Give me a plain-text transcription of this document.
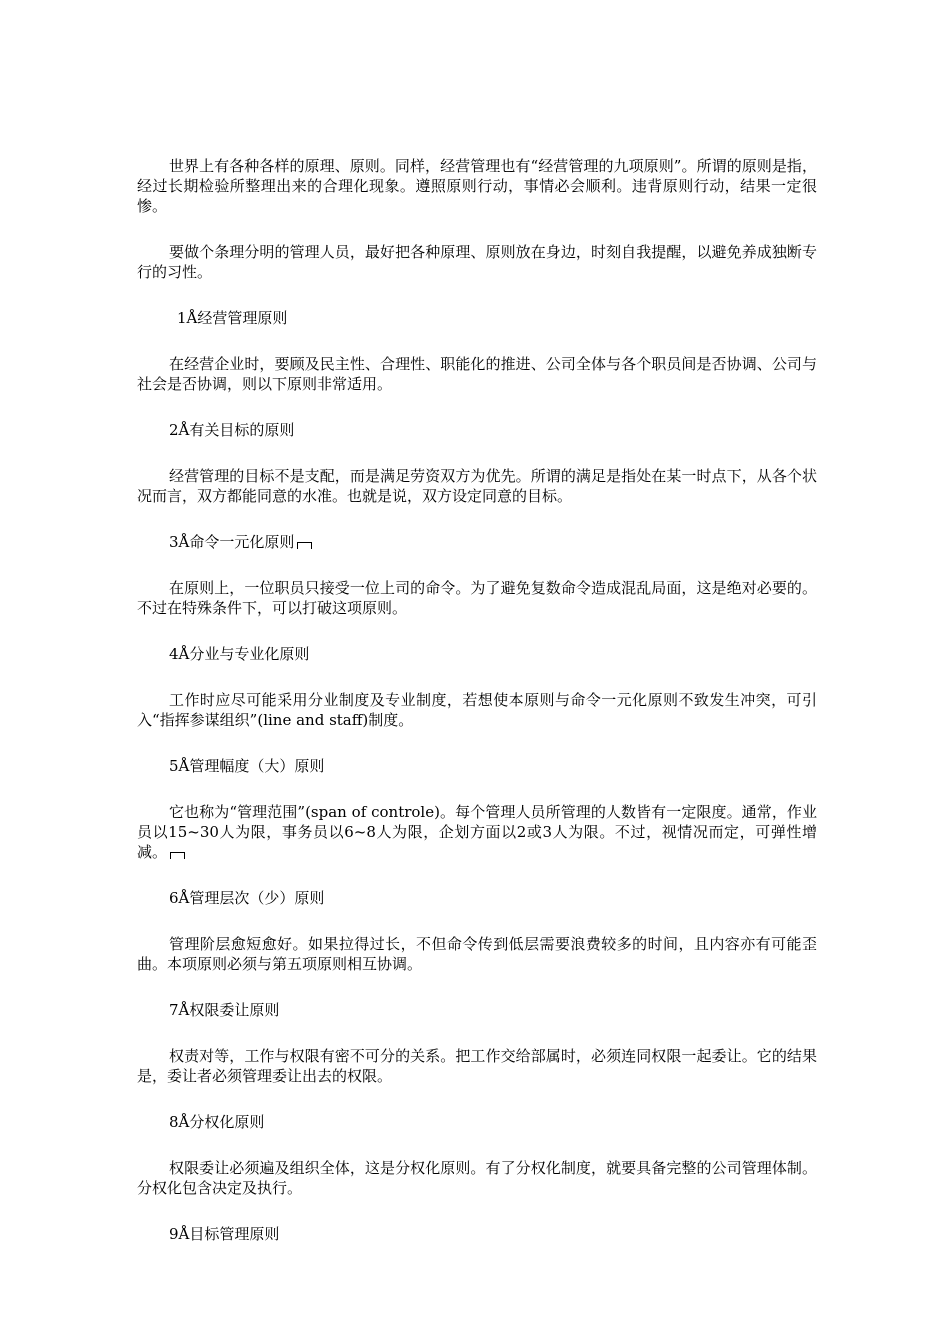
世界上有各种各样的原理、原则。同样，经营管理也有“经营管理的九项原则”。所谓的原则是指，经过长期检验所整理出来的合理化现象。遵照原则行动，事情必会顺利。违背原则行动，结果一定很惨。

要做个条理分明的管理人员，最好把各种原理、原则放在身边，时刻自我提醒，以避免养成独断专行的习性。

1Å经营管理原则

在经营企业时，要顾及民主性、合理性、职能化的推进、公司全体与各个职员间是否协调、公司与社会是否协调，则以下原则非常适用。

2Å有关目标的原则

经营管理的目标不是支配，而是满足劳资双方为优先。所谓的满足是指处在某一时点下，从各个状况而言，双方都能同意的水准。也就是说，双方设定同意的目标。

3Å命令一元化原则

在原则上，一位职员只接受一位上司的命令。为了避免复数命令造成混乱局面，这是绝对必要的。不过在特殊条件下，可以打破这项原则。

4Å分业与专业化原则

工作时应尽可能采用分业制度及专业制度，若想使本原则与命令一元化原则不致发生冲突，可引入“指挥参谋组织”(line and staff)制度。

5Å管理幅度（大）原则

它也称为“管理范围”(span of controle)。每个管理人员所管理的人数皆有一定限度。通常，作业员以15~30人为限，事务员以6~8人为限，企划方面以2或3人为限。不过，视情况而定，可弹性增减。

6Å管理层次（少）原则

管理阶层愈短愈好。如果拉得过长，不但命令传到低层需要浪费较多的时间，且内容亦有可能歪曲。本项原则必须与第五项原则相互协调。

7Å权限委让原则

权责对等，工作与权限有密不可分的关系。把工作交给部属时，必须连同权限一起委让。它的结果是，委让者必须管理委让出去的权限。

8Å分权化原则

权限委让必须遍及组织全体，这是分权化原则。有了分权化制度，就要具备完整的公司管理体制。分权化包含决定及执行。

9Å目标管理原则
